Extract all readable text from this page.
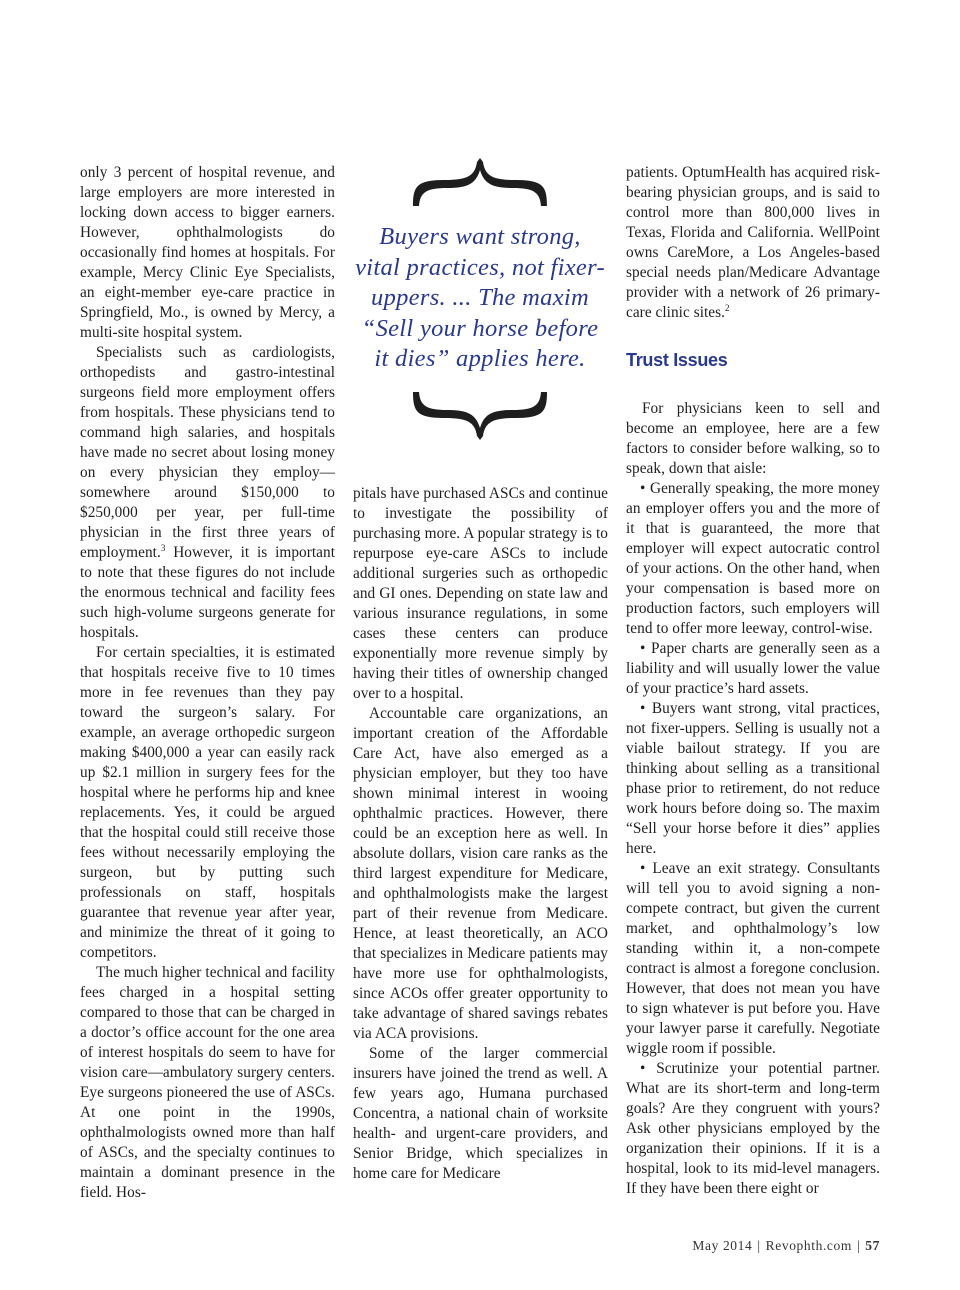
Buyers want strong, vital practices, not fixer-uppers. ... The maxim “Sell your horse before it dies” applies here.

only 3 percent of hospital revenue, and large employers are more interested in locking down access to bigger earners. However, ophthalmologists do occasionally find homes at hospitals. For example, Mercy Clinic Eye Specialists, an eight-member eye-care practice in Springfield, Mo., is owned by Mercy, a multi-site hospital system.

Specialists such as cardiologists, orthopedists and gastro-intestinal surgeons field more employment offers from hospitals. These physicians tend to command high salaries, and hospitals have made no secret about losing money on every physician they employ—somewhere around $150,000 to $250,000 per year, per full-time physician in the first three years of employment.$^3$ However, it is important to note that these figures do not include the enormous technical and facility fees such high-volume surgeons generate for hospitals.

For certain specialties, it is estimated that hospitals receive five to 10 times more in fee revenues than they pay toward the surgeon’s salary. For example, an average orthopedic surgeon making $400,000 a year can easily rack up $2.1 million in surgery fees for the hospital where he performs hip and knee replacements. Yes, it could be argued that the hospital could still receive those fees without necessarily employing the surgeon, but by putting such professionals on staff, hospitals guarantee that revenue year after year, and minimize the threat of it going to competitors.

The much higher technical and facility fees charged in a hospital setting compared to those that can be charged in a doctor’s office account for the one area of interest hospitals do seem to have for vision care—ambulatory surgery centers. Eye surgeons pioneered the use of ASCs. At one point in the 1990s, ophthalmologists owned more than half of ASCs, and the specialty continues to maintain a dominant presence in the field. Hos-

pitals have purchased ASCs and continue to investigate the possibility of purchasing more. A popular strategy is to repurpose eye-care ASCs to include additional surgeries such as orthopedic and GI ones. Depending on state law and various insurance regulations, in some cases these centers can produce exponentially more revenue simply by having their titles of ownership changed over to a hospital.

Accountable care organizations, an important creation of the Affordable Care Act, have also emerged as a physician employer, but they too have shown minimal interest in wooing ophthalmic practices. However, there could be an exception here as well. In absolute dollars, vision care ranks as the third largest expenditure for Medicare, and ophthalmologists make the largest part of their revenue from Medicare. Hence, at least theoretically, an ACO that specializes in Medicare patients may have more use for ophthalmologists, since ACOs offer greater opportunity to take advantage of shared savings rebates via ACA provisions.

Some of the larger commercial insurers have joined the trend as well. A few years ago, Humana purchased Concentra, a national chain of worksite health- and urgent-care providers, and Senior Bridge, which specializes in home care for Medicare

patients. OptumHealth has acquired risk-bearing physician groups, and is said to control more than 800,000 lives in Texas, Florida and California. WellPoint owns CareMore, a Los Angeles-based special needs plan/Medicare Advantage provider with a network of 26 primary-care clinic sites.$^2$

Trust Issues

For physicians keen to sell and become an employee, here are a few factors to consider before walking, so to speak, down that aisle:

• Generally speaking, the more money an employer offers you and the more of it that is guaranteed, the more that employer will expect autocratic control of your actions. On the other hand, when your compensation is based more on production factors, such employers will tend to offer more leeway, control-wise.

• Paper charts are generally seen as a liability and will usually lower the value of your practice’s hard assets.

• Buyers want strong, vital practices, not fixer-uppers. Selling is usually not a viable bailout strategy. If you are thinking about selling as a transitional phase prior to retirement, do not reduce work hours before doing so. The maxim “Sell your horse before it dies” applies here.

• Leave an exit strategy. Consultants will tell you to avoid signing a non-compete contract, but given the current market, and ophthalmology’s low standing within it, a non-compete contract is almost a foregone conclusion. However, that does not mean you have to sign whatever is put before you. Have your lawyer parse it carefully. Negotiate wiggle room if possible.

• Scrutinize your potential partner. What are its short-term and long-term goals? Are they congruent with yours? Ask other physicians employed by the organization their opinions. If it is a hospital, look to its mid-level managers. If they have been there eight or

May 2014 | Revophth.com | 57
